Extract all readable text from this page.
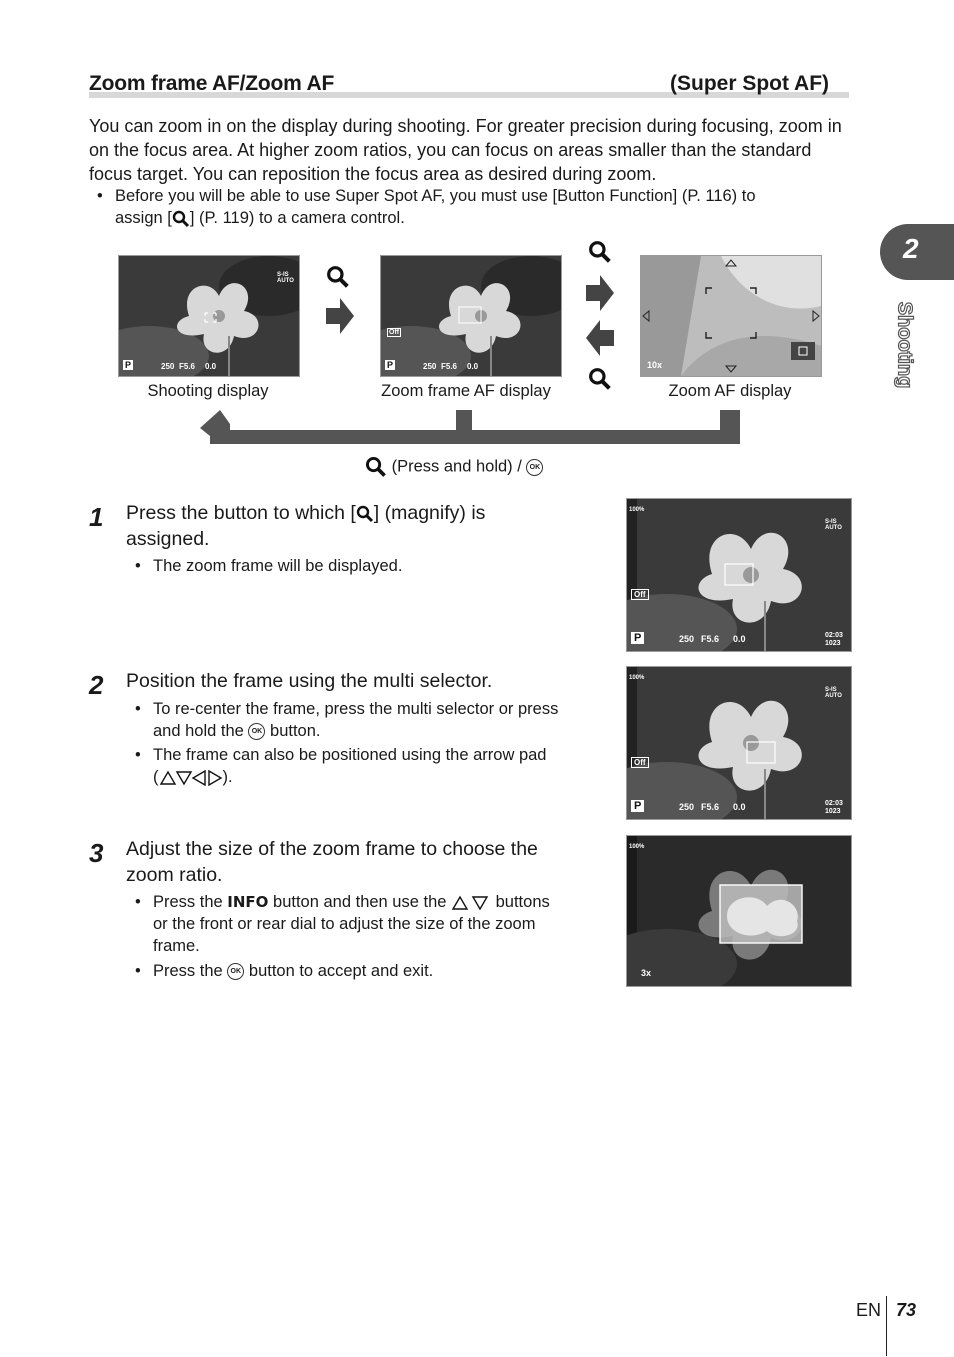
Zoom frame AF/Zoom AF	(Super Spot AF)
You can zoom in on the display during shooting. For greater precision during focusing, zoom in on the focus area. At higher zoom ratios, you can focus on areas smaller than the standard focus target. You can reposition the focus area as desired during zoom.
• Before you will be able to use Super Spot AF, you must use [Button Function] (P. 116) to
assign [ ] (P. 119) to a camera control.
2
Shooting
P	250 F5.6 0.0
S-IS AUTO
P	250 F5.6 0.0
Off
10x
Shooting display	Zoom frame AF display	Zoom AF display
(Press and hold) / OK
1 Press the button to which [ ] (magnify) is
assigned.
• The zoom frame will be displayed.
2 Position the frame using the multi selector.
• To re-center the frame, press the multi selector or press
and hold the OK button.
• The frame can also be positioned using the arrow pad
(	).
3 Adjust the size of the zoom frame to choose the
zoom ratio.
• Press the INFO button and then use the	buttons
or the front or rear dial to adjust the size of the zoom
frame.
• Press the OK button to accept and exit.
P	250 F5.6 0.0
Off
02:03
1023
S-IS AUTO
100%
P	250 F5.6 0.0
Off
02:03
1023
S-IS AUTO
100%
3x
100%
EN 73
